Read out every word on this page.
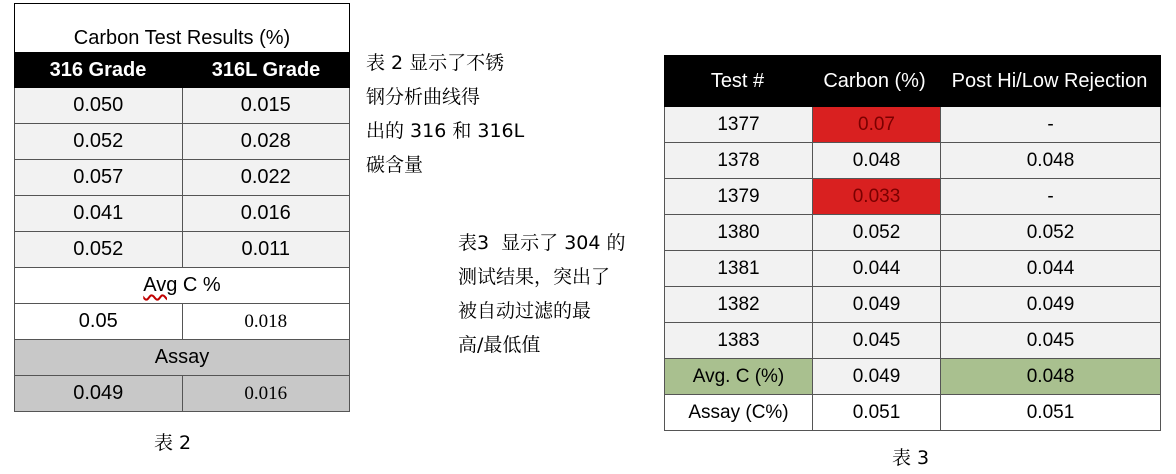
Carbon Test Results (%)
316 Grade	316L Grade
0.050	0.015
0.052	0.028
0.057	0.022
0.041	0.016
0.052	0.011
Avg C %
0.05	0.018
Assay
0.049	0.016
表 2
表 2 显示了不锈
钢分析曲线得
出的 316 和 316L
碳含量
表3  显示了 304 的
测试结果，突出了
被自动过滤的最
高/最低值
Test #	Carbon (%)	Post Hi/Low Rejection
1377	0.07	-
1378	0.048	0.048
1379	0.033	-
1380	0.052	0.052
1381	0.044	0.044
1382	0.049	0.049
1383	0.045	0.045
Avg. C (%)	0.049	0.048
Assay (C%)	0.051	0.051
表 3
